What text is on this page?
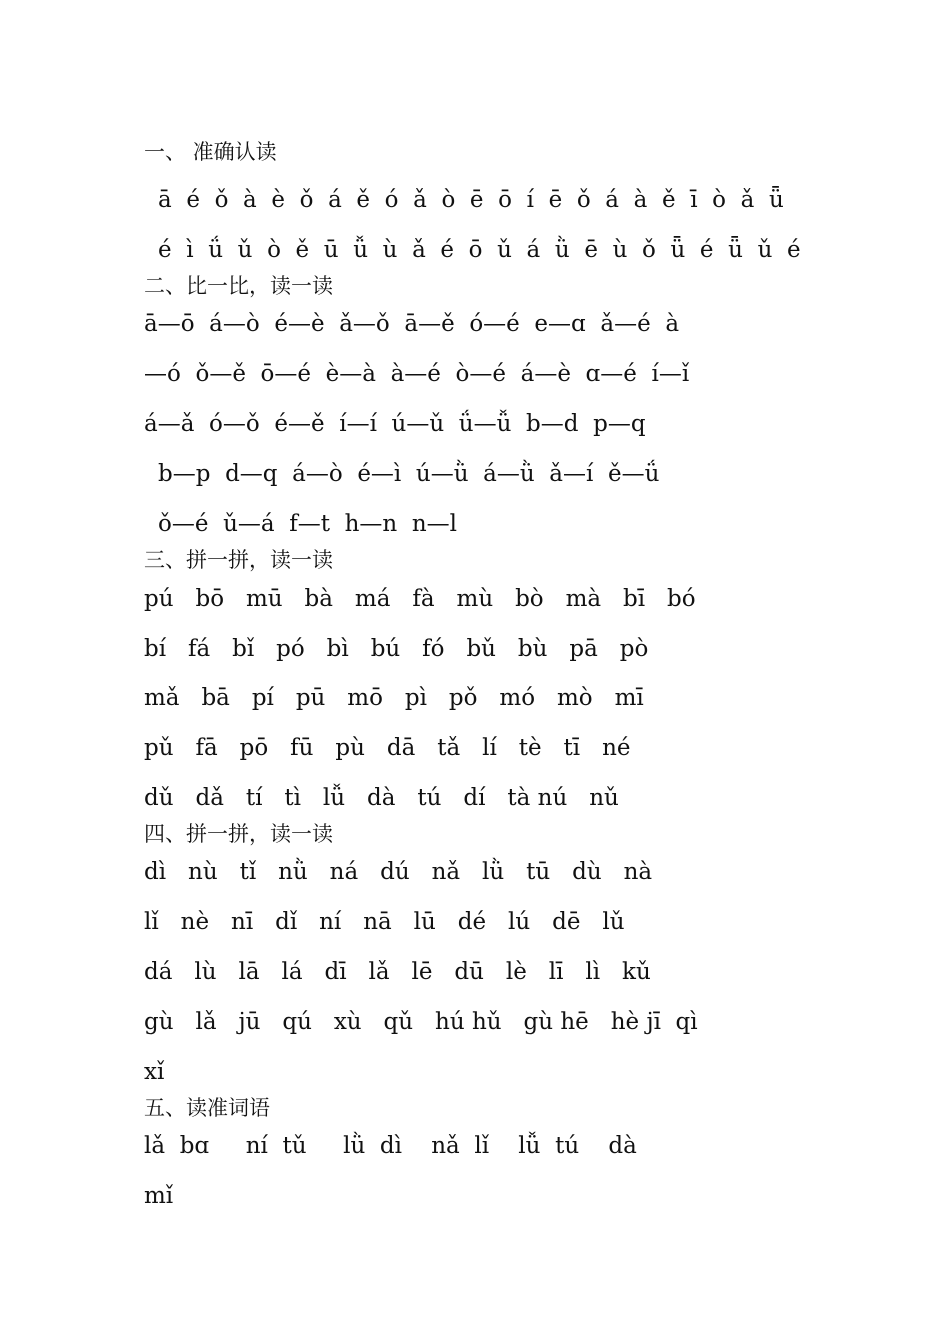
一、 准确认读
ā  é  ǒ  à  è  ǒ  á  ě  ó  ǎ  ò  ē  ō  í  ē  ǒ  á  à  ě  ī  ò  ǎ  ǖ
é  ì  ǘ  ǔ  ò  ě  ū  ǚ  ù  ǎ  é  ō  ǔ  á  ǜ  ē  ù  ǒ  ǖ  é  ǖ  ǔ  é
二、比一比，读一读
ā—ō  á—ò  é—è  ǎ—ǒ  ā—ě  ó—é  e—ɑ  ǎ—é  à
—ó  ǒ—ě  ō—é  è—à  à—é  ò—é  á—è  ɑ—é  í—ǐ
á—ǎ  ó—ǒ  é—ě  í—í  ú—ǔ  ǘ—ǚ  b—d  p—q
b—p  d—q  á—ò  é—ì  ú—ǜ  á—ǜ  ǎ—í  ě—ǘ
ǒ—é  ǔ—á  f—t  h—n  n—l
三、拼一拼，读一读
pú   bō   mū   bà   má   fà   mù   bò   mà   bī   bó
bí   fá   bǐ   pó   bì   bú   fó   bǔ   bù   pā   pò
mǎ   bā   pí   pū   mō   pì   pǒ   mó   mò   mī
pǔ   fā   pō   fū   pù   dā   tǎ   lí   tè   tī   né
dǔ   dǎ   tí   tì   lǚ   dà   tú   dí   tà nú   nǔ
四、拼一拼，读一读
dì   nù   tǐ   nǜ   ná   dú   nǎ   lǜ   tū   dù   nà
lǐ   nè   nī   dǐ   ní   nā   lū   dé   lú   dē   lǔ
dá   lù   lā   lá   dī   lǎ   lē   dū   lè   lī   lì   kǔ
gù   lǎ   jū   qú   xù   qǔ   hú hǔ   gù hē   hè jī  qì
xǐ
五、读准词语
lǎ  bɑ     ní  tǔ     lǜ  dì    nǎ  lǐ    lǚ  tú    dà
mǐ
